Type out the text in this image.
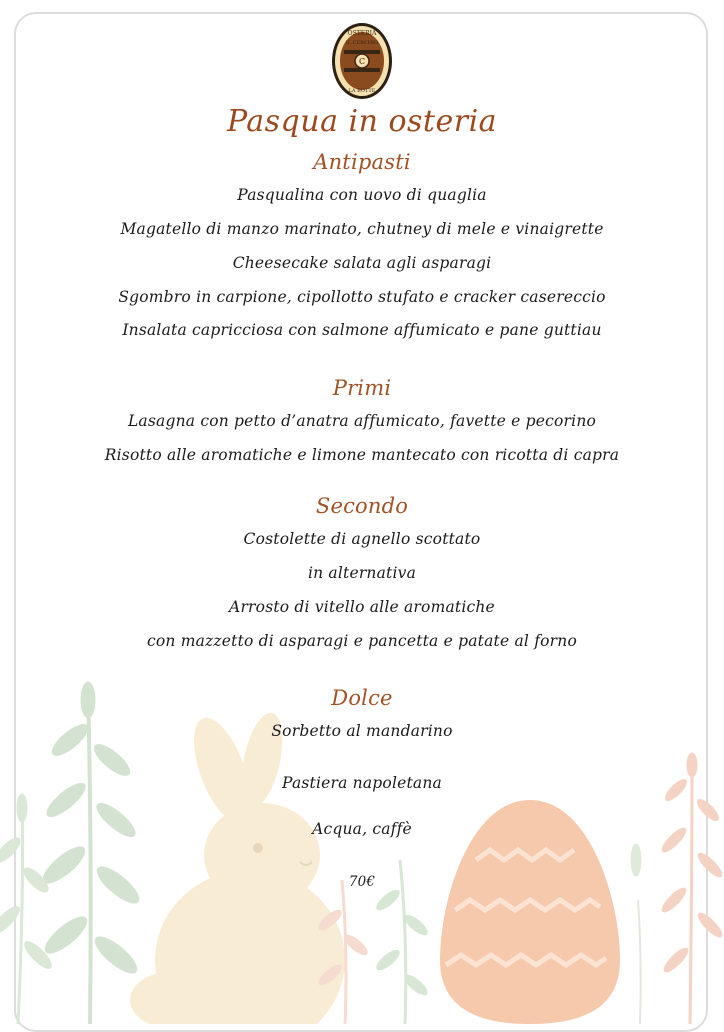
C
OSTERIA
IL CERCHIO
LA BOTTE
Pasqua in osteria
Antipasti
Pasqualina con uovo di quaglia
Magatello di manzo marinato, chutney di mele e vinaigrette
Cheesecake salata agli asparagi
Sgombro in carpione, cipollotto stufato e cracker casereccio
Insalata capricciosa con salmone affumicato e pane guttiau
Primi
Lasagna con petto d’anatra affumicato, favette e pecorino
Risotto alle aromatiche e limone mantecato con ricotta di capra
Secondo
Costolette di agnello scottato
in alternativa
Arrosto di vitello alle aromatiche
con mazzetto di asparagi e pancetta e patate al forno
Dolce
Sorbetto al mandarino
Pastiera napoletana
Acqua, caffè
70€
